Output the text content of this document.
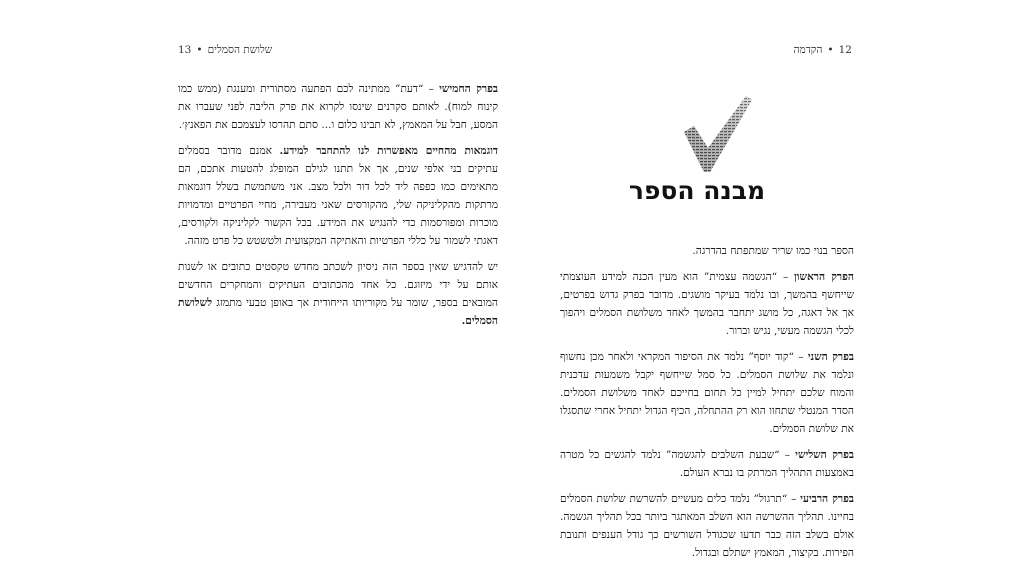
שלושת הסמלים•13

בפרק החמישי – “דעת” ממתינה לכם הפתעה מסתורית ומענגת (ממש כמו קינוח למוח). לאותם סקרנים שינסו לקרוא את פרק הליבה לפני שעברו את המסע, חבל על המאמץ, לא תבינו כלום ו... סתם תהרסו לעצמכם את הפאנץ׳.

דוגמאות מהחיים מאפשרות לנו להתחבר למידע. אמנם מדובר בסמלים עתיקים בני אלפי שנים, אך אל תתנו לגילם המופלג להטעות אתכם, הם מתאימים כמו כפפה ליד לכל דור ולכל מצב. אני משתמשת בשלל דוגמאות מרתקות מהקליניקה שלי, מהקורסים שאני מעבירה, מחיי הפרטיים ומדמויות מוכרות ומפורסמות כדי להנגיש את המידע. בכל הקשור לקליניקה ולקורסים, דאגתי לשמור על כללי הפרטיות והאתיקה המקצועית ולטשטש כל פרט מזהה.

יש להדגיש שאין בספר הזה ניסיון לשכתב מחדש טקסטים כתובים או לשנות אותם על ידי מיזוגם. כל אחד מהכתובים העתיקים והמחקרים החדשים המובאים בספר, שומר על מקוריותו הייחודית אך באופן טבעי מתמזג לשלושת הסמלים.

12•הקדמה
מבנה הספר

הספר בנוי כמו שריר שמתפתח בהדרגה.

הפרק הראשון – “הגשמה עצמית” הוא מעין הכנה למידע העוצמתי שייחשף בהמשך, ובו נלמד בעיקר מושגים. מדובר בפרק גדוש בפרטים, אך אל דאגה, כל מושג יתחבר בהמשך לאחד משלושת הסמלים ויהפוך לכלי הגשמה מעשי, נגיש וברור.

בפרק השני – “קוד יוסף” נלמד את הסיפור המקראי ולאחר מכן נחשוף ונלמד את שלושת הסמלים. כל סמל שייחשף יקבל משמעות עדכנית והמוח שלכם יתחיל למיין כל תחום בחייכם לאחד משלושת הסמלים. הסדר המנטלי שתחוו הוא רק ההתחלה, הכיף הגדול יתחיל אחרי שתסגלו את שלושת הסמלים.

בפרק השלישי – “שבעת השלבים להגשמה” נלמד להגשים כל מטרה באמצעות התהליך המרתק בו נברא העולם.

בפרק הרביעי – “תרגול” נלמד כלים מעשיים להשרשת שלושת הסמלים בחיינו. תהליך ההשרשה הוא השלב המאתגר ביותר בכל תהליך הגשמה. אולם בשלב הזה כבר תדעו שכגודל השורשים כך גודל הענפים ותנובת הפירות. בקיצור, המאמץ ישתלם ובגדול.
